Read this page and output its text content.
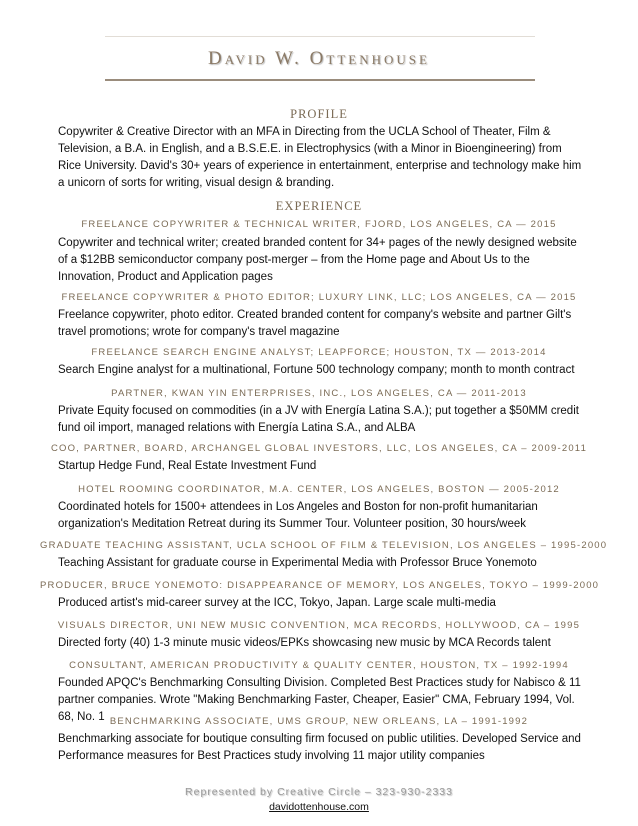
David W. Ottenhouse
PROFILE
Copywriter & Creative Director with an MFA in Directing from the UCLA School of Theater, Film & Television, a B.A. in English, and a B.S.E.E. in Electrophysics (with a Minor in Bioengineering) from Rice University. David's 30+ years of experience in entertainment, enterprise and technology make him a unicorn of sorts for writing, visual design & branding.
EXPERIENCE
FREELANCE COPYWRITER & TECHNICAL WRITER, FJORD, LOS ANGELES, CA — 2015
Copywriter and technical writer; created branded content for 34+ pages of the newly designed website of a $12BB semiconductor company post-merger – from the Home page and About Us to the Innovation, Product and Application pages
FREELANCE COPYWRITER & PHOTO EDITOR; LUXURY LINK, LLC; LOS ANGELES, CA — 2015
Freelance copywriter, photo editor. Created branded content for company's website and partner Gilt's travel promotions; wrote for company's travel magazine
FREELANCE SEARCH ENGINE ANALYST; LEAPFORCE; HOUSTON, TX — 2013-2014
Search Engine analyst for a multinational, Fortune 500 technology company; month to month contract
PARTNER, KWAN YIN ENTERPRISES, INC., LOS ANGELES, CA — 2011-2013
Private Equity focused on commodities (in a JV with Energía Latina S.A.); put together a $50MM credit fund oil import, managed relations with Energía Latina S.A., and ALBA
COO, PARTNER, BOARD, ARCHANGEL GLOBAL INVESTORS, LLC, LOS ANGELES, CA – 2009-2011
Startup Hedge Fund, Real Estate Investment Fund
HOTEL ROOMING COORDINATOR, M.A. CENTER, LOS ANGELES, BOSTON — 2005-2012
Coordinated hotels for 1500+ attendees in Los Angeles and Boston for non-profit humanitarian organization's Meditation Retreat during its Summer Tour. Volunteer position, 30 hours/week
GRADUATE TEACHING ASSISTANT, UCLA SCHOOL OF FILM & TELEVISION, LOS ANGELES – 1995-2000
Teaching Assistant for graduate course in Experimental Media with Professor Bruce Yonemoto
PRODUCER, BRUCE YONEMOTO: DISAPPEARANCE OF MEMORY, LOS ANGELES, TOKYO – 1999-2000
Produced artist's mid-career survey at the ICC, Tokyo, Japan. Large scale multi-media
VISUALS DIRECTOR, UNI NEW MUSIC CONVENTION, MCA RECORDS, HOLLYWOOD, CA – 1995
Directed forty (40) 1-3 minute music videos/EPKs showcasing new music by MCA Records talent
CONSULTANT, AMERICAN PRODUCTIVITY & QUALITY CENTER, HOUSTON, TX – 1992-1994
Founded APQC's Benchmarking Consulting Division. Completed Best Practices study for Nabisco & 11 partner companies. Wrote "Making Benchmarking Faster, Cheaper, Easier" CMA, February 1994, Vol. 68, No. 1 BENCHMARKING ASSOCIATE, UMS GROUP, NEW ORLEANS, LA – 1991-1992
Benchmarking associate for boutique consulting firm focused on public utilities. Developed Service and Performance measures for Best Practices study involving 11 major utility companies
Represented by Creative Circle – 323-930-2333
davidottenhouse.com
